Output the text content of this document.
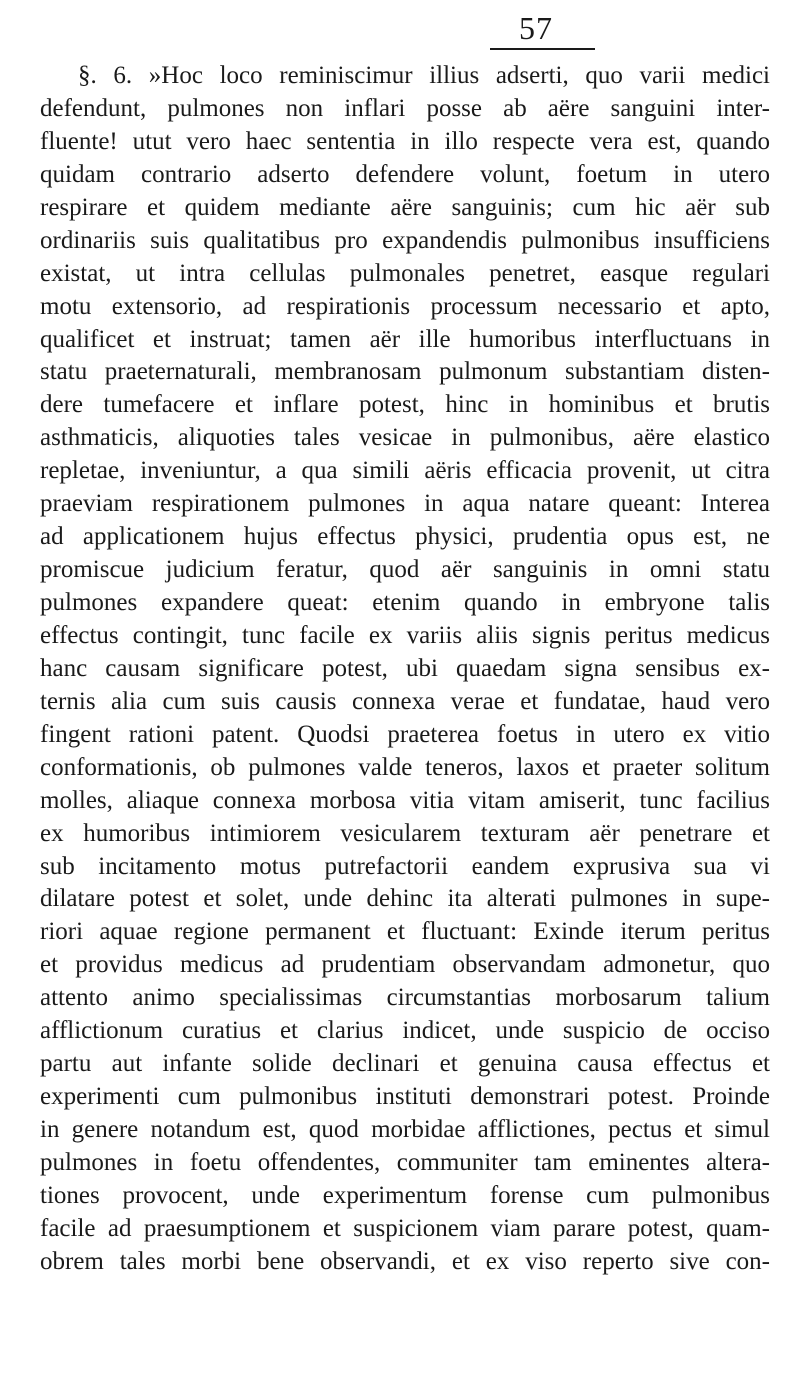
57
§. 6. »Hoc loco reminiscimur illius adserti, quo varii medici
defendunt, pulmones non inflari posse ab aëre sanguini inter-
fluente! utut vero haec sententia in illo respecte vera est, quando
quidam contrario adserto defendere volunt, foetum in utero
respirare et quidem mediante aëre sanguinis; cum hic aër sub
ordinariis suis qualitatibus pro expandendis pulmonibus insufficiens
existat, ut intra cellulas pulmonales penetret, easque regulari
motu extensorio, ad respirationis processum necessario et apto,
qualificet et instruat; tamen aër ille humoribus interfluctuans in
statu praeternaturali, membranosam pulmonum substantiam disten-
dere tumefacere et inflare potest, hinc in hominibus et brutis
asthmaticis, aliquoties tales vesicae in pulmonibus, aëre elastico
repletae, inveniuntur, a qua simili aëris efficacia provenit, ut citra
praeviam respirationem pulmones in aqua natare queant: Interea
ad applicationem hujus effectus physici, prudentia opus est, ne
promiscue judicium feratur, quod aër sanguinis in omni statu
pulmones expandere queat: etenim quando in embryone talis
effectus contingit, tunc facile ex variis aliis signis peritus medicus
hanc causam significare potest, ubi quaedam signa sensibus ex-
ternis alia cum suis causis connexa verae et fundatae, haud vero
fingent rationi patent. Quodsi praeterea foetus in utero ex vitio
conformationis, ob pulmones valde teneros, laxos et praeter solitum
molles, aliaque connexa morbosa vitia vitam amiserit, tunc facilius
ex humoribus intimiorem vesicularem texturam aër penetrare et
sub incitamento motus putrefactorii eandem exprusiva sua vi
dilatare potest et solet, unde dehinc ita alterati pulmones in supe-
riori aquae regione permanent et fluctuant: Exinde iterum peritus
et providus medicus ad prudentiam observandam admonetur, quo
attento animo specialissimas circumstantias morbosarum talium
afflictionum curatius et clarius indicet, unde suspicio de occiso
partu aut infante solide declinari et genuina causa effectus et
experimenti cum pulmonibus instituti demonstrari potest. Proinde
in genere notandum est, quod morbidae afflictiones, pectus et simul
pulmones in foetu offendentes, communiter tam eminentes altera-
tiones provocent, unde experimentum forense cum pulmonibus
facile ad praesumptionem et suspicionem viam parare potest, quam-
obrem tales morbi bene observandi, et ex viso reperto sive con-
